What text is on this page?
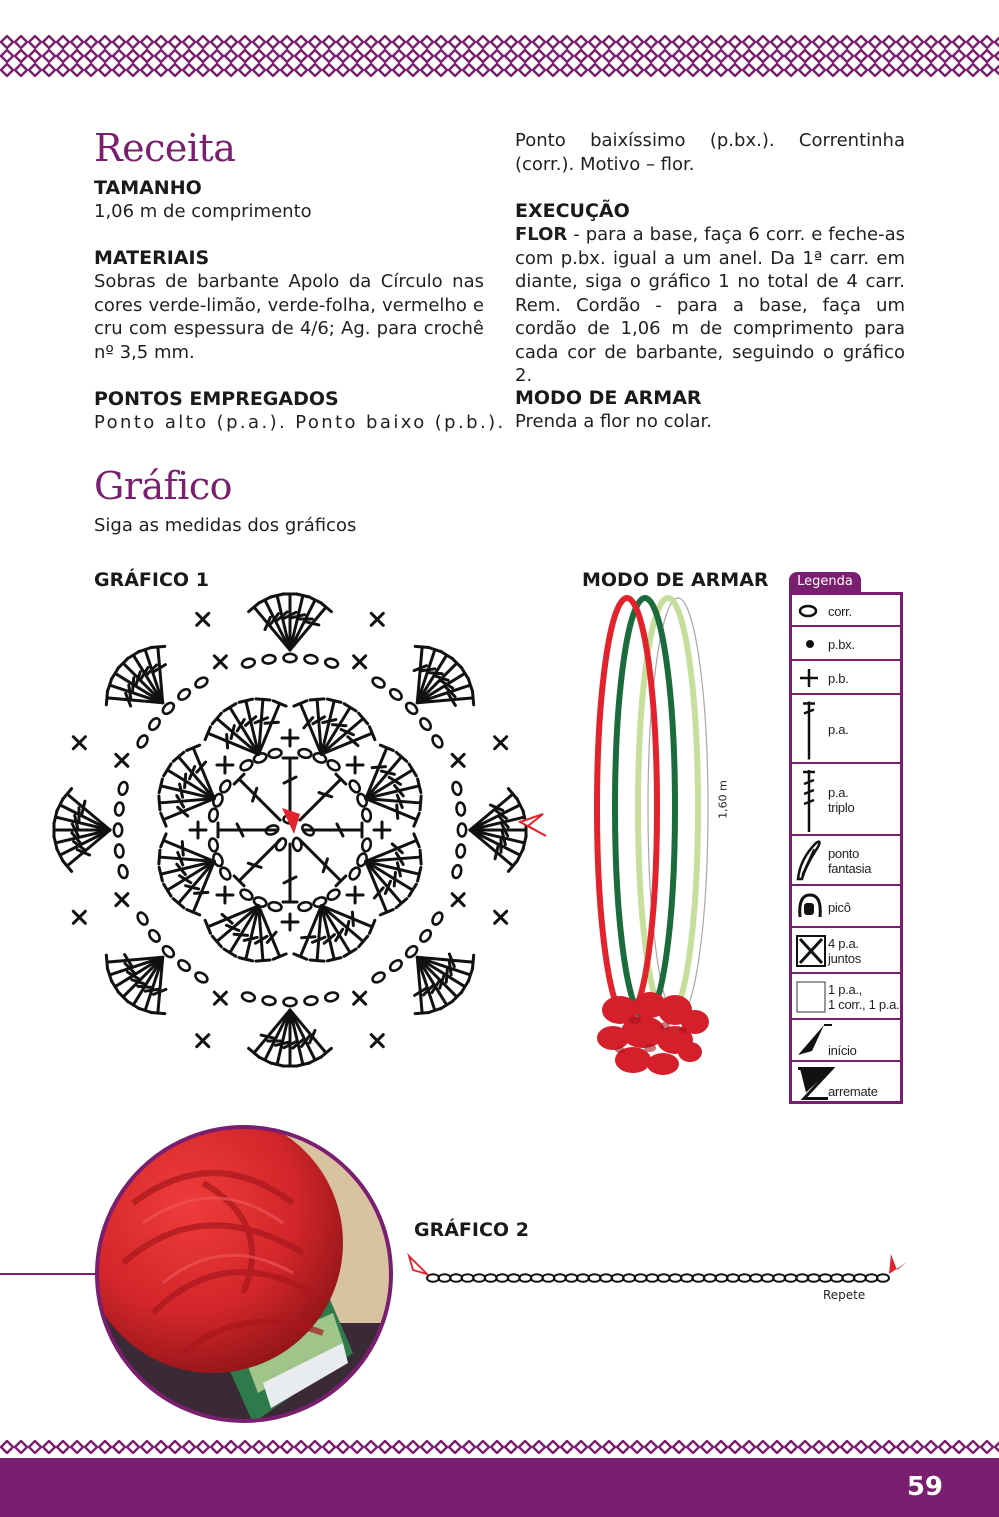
Receita
TAMANHO
1,06 m de comprimento
MATERIAIS
Sobras de barbante Apolo da Círculo nas cores verde-limão, verde-folha, vermelho e cru com espessura de 4/6; Ag. para crochê nº 3,5 mm.
PONTOS EMPREGADOS
Ponto alto (p.a.). Ponto baixo (p.b.).
Ponto baixíssimo (p.bx.). Correntinha (corr.). Motivo – flor.
EXECUÇÃO
FLOR - para a base, faça 6 corr. e feche-as com p.bx. igual a um anel. Da 1ª carr. em diante, siga o gráfico 1 no total de 4 carr. Rem. Cordão - para a base, faça um cordão de 1,06 m de comprimento para cada cor de barbante, seguindo o gráfico 2.
MODO DE ARMAR
Prenda a flor no colar.
Gráfico
Siga as medidas dos gráficos
GRÁFICO 1	MODO DE ARMAR
1,60 m
Legenda
corr.
p.bx.
p.b.
p.a.
p.a.
triplo
ponto
fantasia
picô
4 p.a.
juntos
1 p.a.,
1 corr., 1 p.a.
início
arremate
GRÁFICO 2
Repete
59
